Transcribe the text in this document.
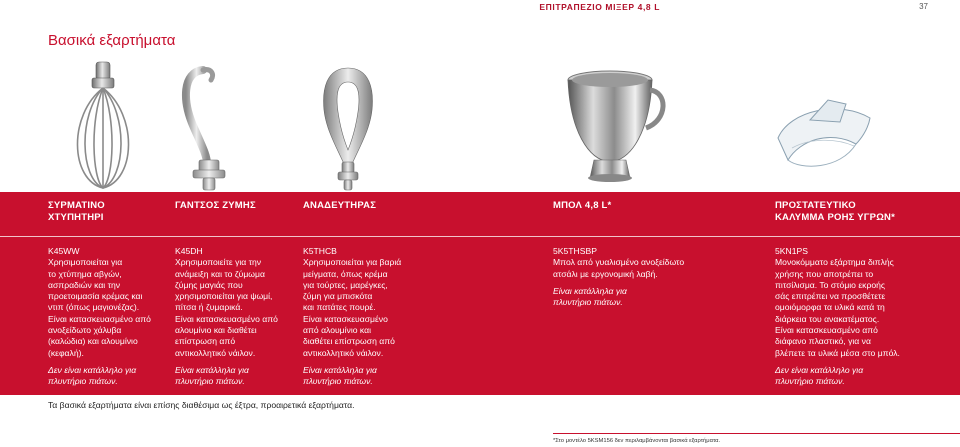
ΕΠΙΤΡΑΠΕΖΙΟ ΜΙΞΕΡ 4,8 L	37
Βασικά εξαρτήματα
ΣΥΡΜΑΤΙΝΟ
ΧΤΥΠΗΤΗΡΙ
K45WW

Χρησιμοποιείται για
το χτύπημα αβγών,
ασπραδιών και την
προετοιμασία κρέμας και
ντιπ (όπως μαγιονέζας).
Είναι κατασκευασμένο από
ανοξείδωτο χάλυβα
(καλώδια) και αλουμίνιο
(κεφαλή).

Δεν είναι κατάλληλο για
πλυντήριο πιάτων.

ΓΑΝΤΣΟΣ ΖΥΜΗΣ
K45DH

Χρησιμοποιείτε για την
ανάμειξη και το ζύμωμα
ζύμης μαγιάς που
χρησιμοποιείται για ψωμί,
πίτσα ή ζυμαρικά.
Είναι κατασκευασμένο από
αλουμίνιο και διαθέτει
επίστρωση από
αντικολλητικό νάιλον.

Είναι κατάλληλα για
πλυντήριο πιάτων.

ΑΝΑΔΕΥΤΗΡΑΣ
K5THCB

Χρησιμοποιείται για βαριά
μείγματα, όπως κρέμα
για τούρτες, μαρέγκες,
ζύμη για μπισκότα
και πατάτες πουρέ.
Είναι κατασκευασμένο
από αλουμίνιο και
διαθέτει επίστρωση από
αντικολλητικό νάιλον.

Είναι κατάλληλα για
πλυντήριο πιάτων.

ΜΠΟΛ 4,8 L*
5K5THSBP

Μπολ από γυαλισμένο ανοξείδωτο
ατσάλι με εργονομική λαβή.

Είναι κατάλληλα για
πλυντήριο πιάτων.

ΠΡΟΣΤΑΤΕΥΤΙΚΟ
ΚΑΛΥΜΜΑ ΡΟΗΣ ΥΓΡΩΝ*
5KN1PS

Μονοκόμματο εξάρτημα διπλής
χρήσης που αποτρέπει το
πιτσίλισμα. Το στόμιο εκροής
σάς επιτρέπει να προσθέτετε
ομοιόμορφα τα υλικά κατά τη
διάρκεια του ανακατέματος.
Είναι κατασκευασμένο από
διάφανο πλαστικό, για να
βλέπετε τα υλικά μέσα στο μπόλ.

Δεν είναι κατάλληλο για
πλυντήριο πιάτων.

Τα βασικά εξαρτήματα είναι επίσης διαθέσιμα ως έξτρα, προαιρετικά εξαρτήματα.

*Στο μοντέλο 5KSM156 δεν περιλαμβάνονται βασικά εξαρτήματα.
